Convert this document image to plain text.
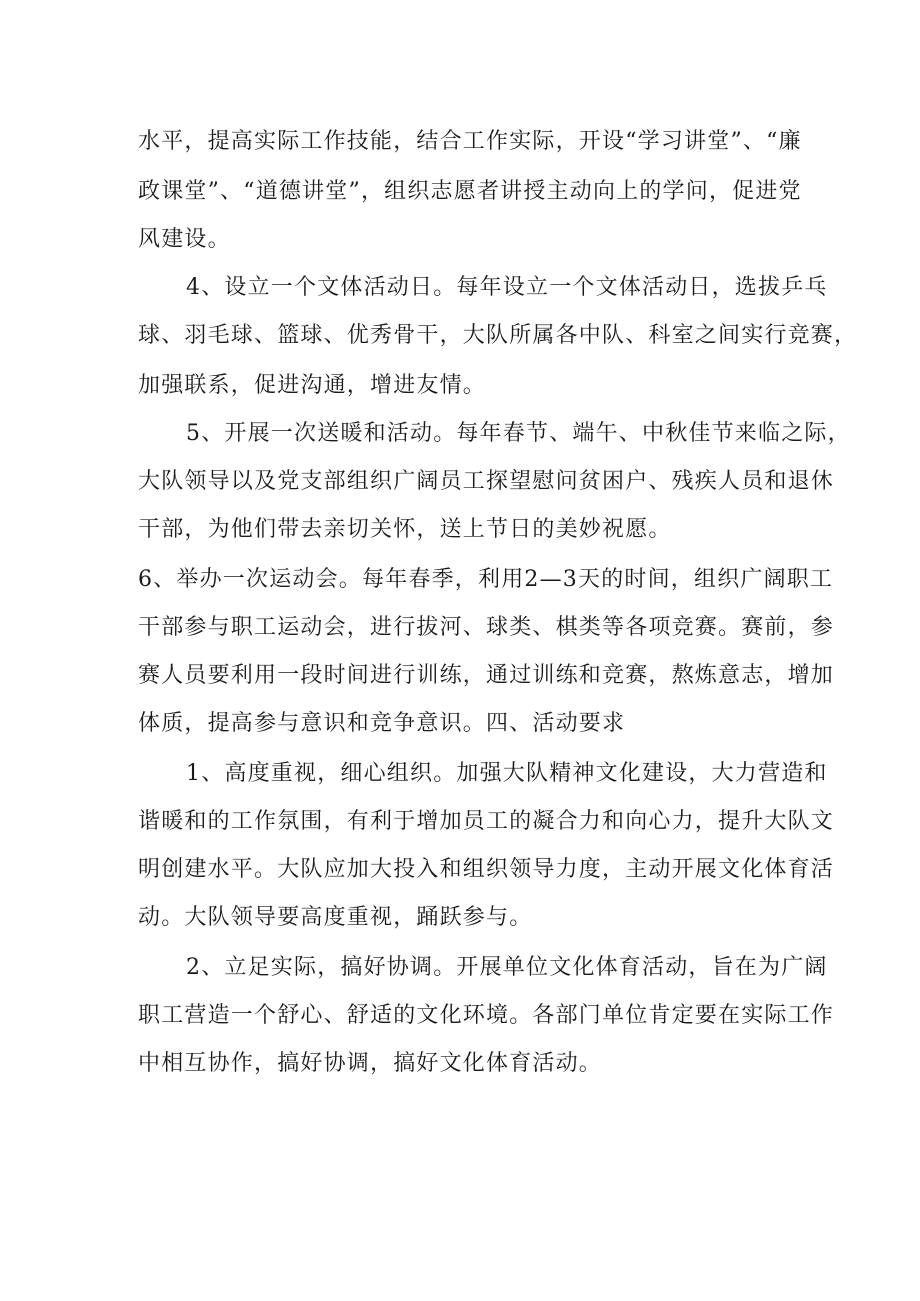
水平，提高实际工作技能，结合工作实际，开设“学习讲堂”、“廉
政课堂”、“道德讲堂”，组织志愿者讲授主动向上的学问，促进党
风建设。
4、设立一个文体活动日。每年设立一个文体活动日，选拔乒乓
球、羽毛球、篮球、优秀骨干，大队所属各中队、科室之间实行竞赛，
加强联系，促进沟通，增进友情。
5、开展一次送暖和活动。每年春节、端午、中秋佳节来临之际，
大队领导以及党支部组织广阔员工探望慰问贫困户、残疾人员和退休
干部，为他们带去亲切关怀，送上节日的美妙祝愿。
6、举办一次运动会。每年春季，利用2—3天的时间，组织广阔职工
干部参与职工运动会，进行拔河、球类、棋类等各项竞赛。赛前，参
赛人员要利用一段时间进行训练，通过训练和竞赛，熬炼意志，增加
体质，提高参与意识和竞争意识。四、活动要求
1、高度重视，细心组织。加强大队精神文化建设，大力营造和
谐暖和的工作氛围，有利于增加员工的凝合力和向心力，提升大队文
明创建水平。大队应加大投入和组织领导力度，主动开展文化体育活
动。大队领导要高度重视，踊跃参与。
2、立足实际，搞好协调。开展单位文化体育活动，旨在为广阔
职工营造一个舒心、舒适的文化环境。各部门单位肯定要在实际工作
中相互协作，搞好协调，搞好文化体育活动。
